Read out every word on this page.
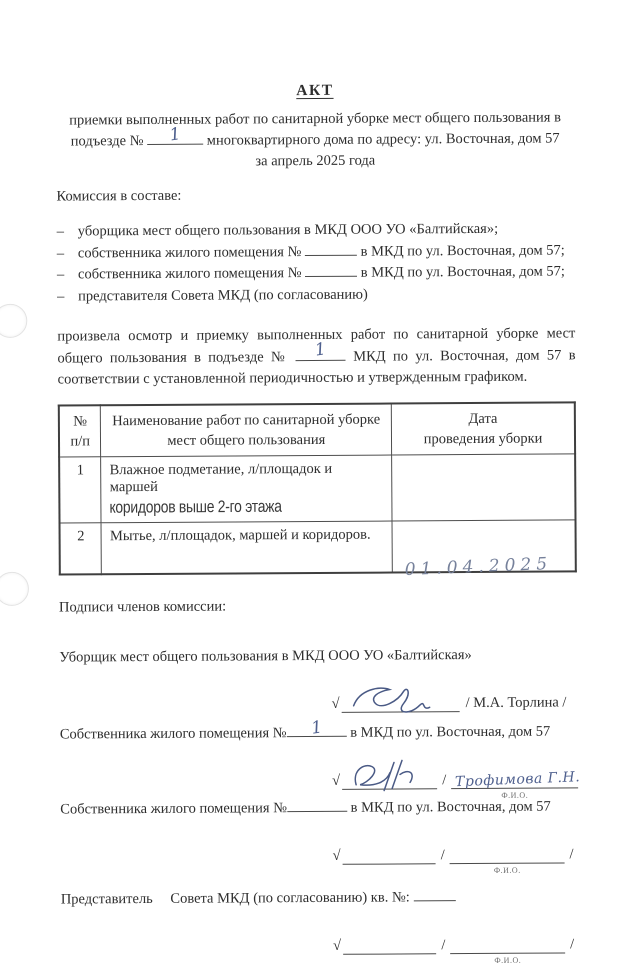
АКТ
приемки выполненных работ по санитарной уборке мест общего пользования в
подъезде № 1 многоквартирного дома по адресу: ул. Восточная, дом 57
за апрель 2025 года
Комиссия в составе:
– уборщика мест общего пользования в МКД ООО УО «Балтийская»;
– собственника жилого помещения №	в МКД по ул. Восточная, дом 57;
– собственника жилого помещения №	в МКД по ул. Восточная, дом 57;
– представителя Совета МКД (по согласованию)
произвела осмотр и приемку выполненных работ по санитарной уборке мест общего пользования в подъезде № 1 МКД по ул. Восточная, дом 57 в соответствии с установленной периодичностью и утвержденным графиком.
№
п/п	Наименование работ по санитарной уборке
мест общего пользования	Дата
проведения уборки
1	Влажное подметание, л/площадок и маршей
коридоров выше 2-го этажа	
2	Мытье, л/площадок, маршей и коридоров.	01.04.2025
Подписи членов комиссии:
Уборщик мест общего пользования в МКД ООО УО «Балтийская»
√	/ М.А. Торлина /
Собственника жилого помещения № 1 в МКД по ул. Восточная, дом 57
√	/ Трофимова Г.Н.
Ф.И.О.
Собственника жилого помещения №	в МКД по ул. Восточная, дом 57
√	/
Ф.И.О.
/
Представитель Совета МКД (по согласованию) кв. №:
√	/
Ф.И.О.
/
